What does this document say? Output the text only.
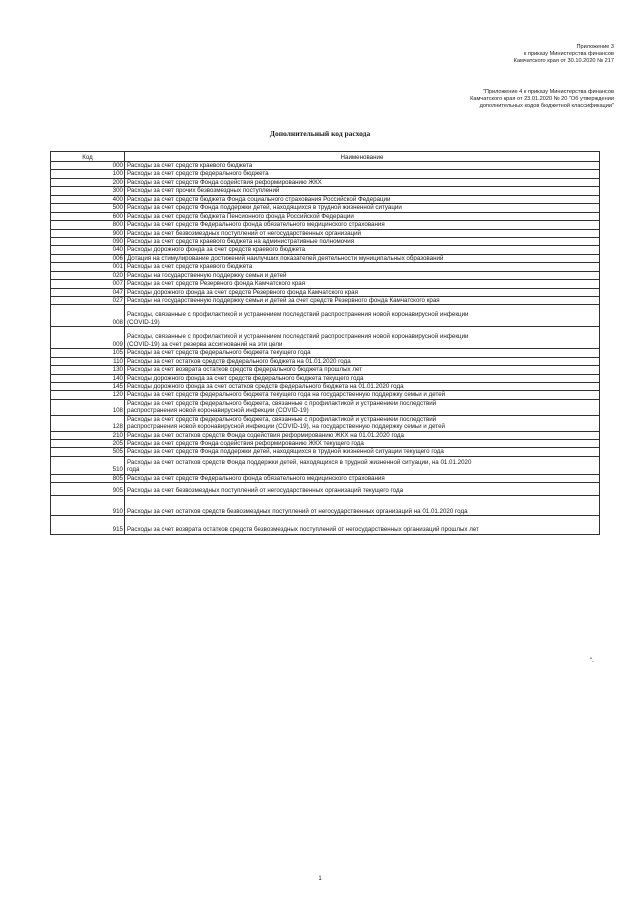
Приложение 3
к приказу Министерства финансов
Камчатского края от 30.10.2020 № 217
"Приложение 4 к приказу Министерства финансов
Камчатского края от 23.01.2020 № 20 "Об утверждении
дополнительных кодов бюджетной классификации"
Дополнительный код расхода
Код	Наименование
000	Расходы за счет средств краевого бюджета

100	Расходы за счет средств федерального бюджета

200	Расходы за счет средств Фонда содействия реформированию ЖКХ

300	Расходы за счет прочих безвозмездных поступлений

400	Расходы за счет средств бюджета Фонда социального страхования Российской Федерации

500	Расходы за счет средств Фонда поддержки детей, находящихся в трудной жизненной ситуации

600	Расходы за счет средств бюджета Пенсионного фонда Российской Федерации

800	Расходы за счет средств Федерального фонда обязательного медицинского страхования

900	Расходы за счет безвозмездных поступлений от негосударственных организаций

090	Расходы за счет средств краевого бюджета на административные полномочия

040	Расходы дорожного фонда за счет средств краевого бюджета

006	Дотация на стимулирование достижений наилучших показателей деятельности муниципальных образований

001	Расходы за счет средств краевого бюджета

020	Расходы на государственную поддержку семьи и детей

007	Расходы за счет средств Резервного фонда Камчатского края

047	Расходы дорожного фонда за счет средств Резервного фонда Камчатского края

027	Расходы на государственную поддержку семьи и детей за счет средств Резервного фонда Камчатского края

008	Расходы, связанные с профилактикой и устранением последствий распространения новой коронавирусной инфекции
(COVID-19)

009	Расходы, связанные с профилактикой и устранением последствий распространения новой коронавирусной инфекции
(COVID-19) за счет резерва ассигнований на эти цели

105	Расходы за счет средств федерального бюджета текущего года

110	Расходы за счет остатков средств федерального бюджета на 01.01.2020 года

130	Расходы за счет возврата остатков средств федерального бюджета прошлых лет

140	Расходы дорожного фонда за счет средств федерального бюджета текущего года

145	Расходы дорожного фонда за счет остатков средств федерального бюджета на 01.01.2020 года

120	Расходы за счет средств федерального бюджета текущего года на государственную поддержку семьи и детей

108	Расходы за счет средств федерального бюджета, связанные с профилактикой и устранением последствий
распространения новой коронавирусной инфекции (COVID-19)

128	Расходы за счет средств федерального бюджета, связанные с профилактикой и устранением последствий
распространения новой коронавирусной инфекции (COVID-19), на государственную поддержку семьи и детей

210	Расходы за счет остатков средств Фонда содействия реформированию ЖКХ на 01.01.2020 года

205	Расходы за счет средств Фонда содействия реформированию ЖКХ текущего года

505	Расходы за счет средств Фонда поддержки детей, находящихся в трудной жизненной ситуации текущего года

510	Расходы за счет остатков средств Фонда поддержки детей, находящихся в трудной жизненной ситуации, на 01.01.2020
года

805	Расходы за счет средств Федерального фонда обязательного медицинского страхования

905	Расходы за счет безвозмездных поступлений от негосударственных организаций текущего года

910	Расходы за счет остатков средств безвозмездных поступлений от негосударственных организаций на 01.01.2020 года

915	Расходы за счет возврата остатков средств безвозмездных поступлений от негосударственных организаций прошлых лет
".
1
